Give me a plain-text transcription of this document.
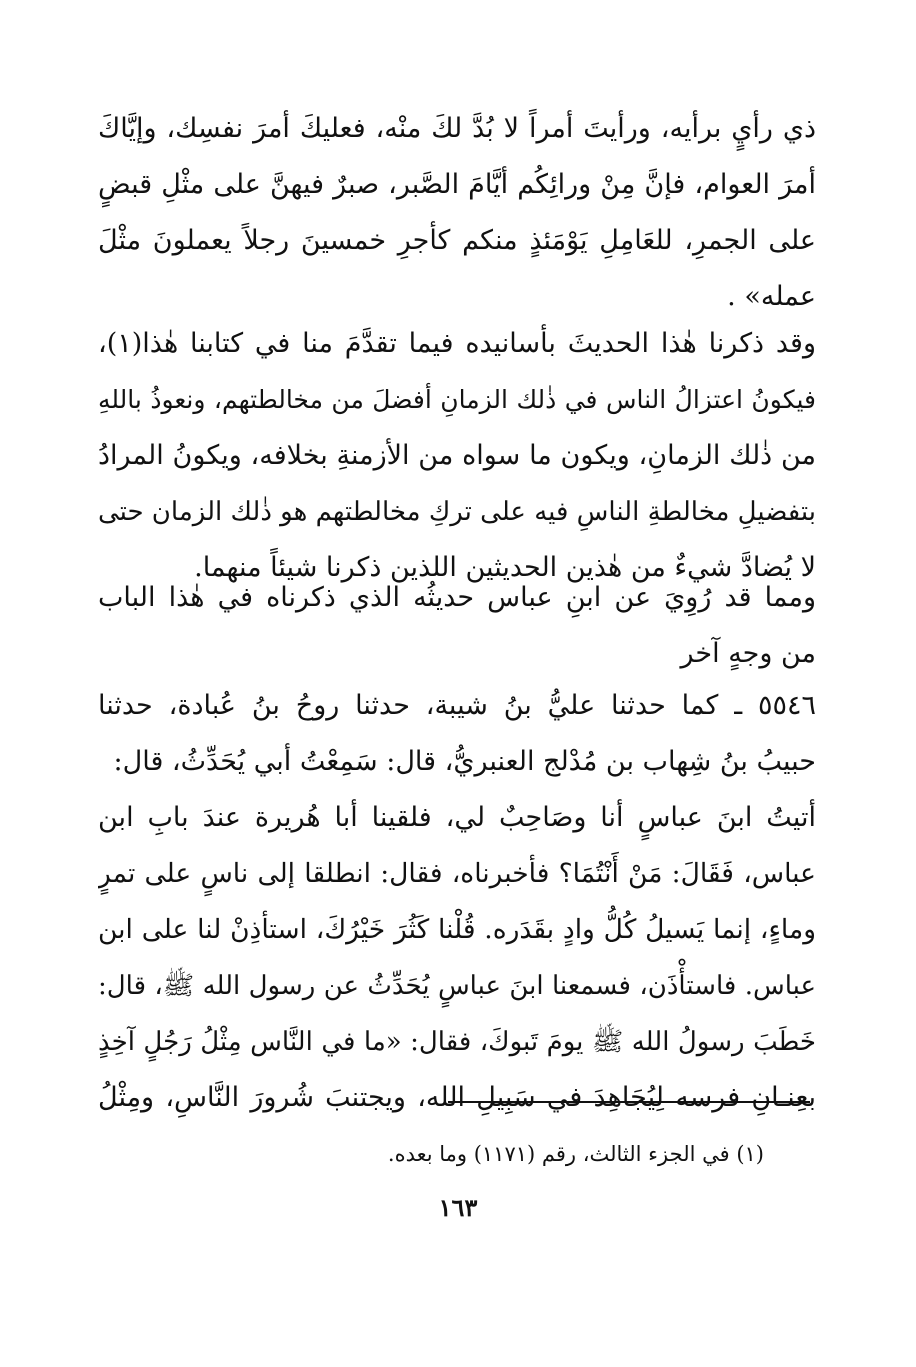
ذي رأيٍ برأيه، ورأيتَ أمراً لا بُدَّ لكَ منْه، فعليكَ أمرَ نفسِك، وإيَّاكَ
أمرَ العوام، فإنَّ مِنْ ورائِكُم أيَّامَ الصَّبر، صبرٌ فيهنَّ على مثْلِ قبضٍ
على الجمرِ، للعَامِلِ يَوْمَئذٍ منكم كأجرِ خمسينَ رجلاً يعملونَ مثْلَ
عمله» .
وقد ذكرنا هٰذا الحديثَ بأسانيده فيما تقدَّمَ منا في كتابنا هٰذا(١)،
فيكونُ اعتزالُ الناس في ذٰلك الزمانِ أفضلَ من مخالطتهم، ونعوذُ باللهِ
من ذٰلك الزمانِ، ويكون ما سواه من الأزمنةِ بخلافه، ويكونُ المرادُ
بتفضيلِ مخالطةِ الناسِ فيه على تركِ مخالطتهم هو ذٰلك الزمان حتى
لا يُضادَّ شيءٌ من هٰذين الحديثين اللذين ذكرنا شيئاً منهما.
ومما قد رُوِيَ عن ابنِ عباس حديثُه الذي ذكرناه في هٰذا الباب
من وجهٍ آخر
٥٥٤٦ ـ كما حدثنا عليُّ بنُ شيبة، حدثنا روحُ بنُ عُبادة، حدثنا
حبيبُ بنُ شِهاب بن مُدْلج العنبريُّ، قال: سَمِعْتُ أبي يُحَدِّثُ، قال:
أتيتُ ابنَ عباسٍ أنا وصَاحِبٌ لي، فلقينا أبا هُريرة عندَ بابِ ابن
عباس، فَقَالَ: مَنْ أَنْتُمَا؟ فأخبرناه، فقال: انطلقا إلى ناسٍ على تمرٍ
وماءٍ، إنما يَسيلُ كُلُّ وادٍ بقَدَره. قُلْنا كَثُرَ خَيْرُكَ، استأذِنْ لنا على ابن
عباس. فاستأْذَن، فسمعنا ابنَ عباسٍ يُحَدِّثُ عن رسول الله ﷺ، قال:
خَطَبَ رسولُ الله ﷺ يومَ تَبوكَ، فقال: «ما في النَّاس مِثْلُ رَجُلٍ آخِذٍ
بعِنـانِ فرسه لِيُجَاهِدَ في سَبِيلِ الله، ويجتنبَ شُرورَ النَّاسِ، ومِثْلُ
(١) في الجزء الثالث، رقم (١١٧١) وما بعده.
١٦٣
